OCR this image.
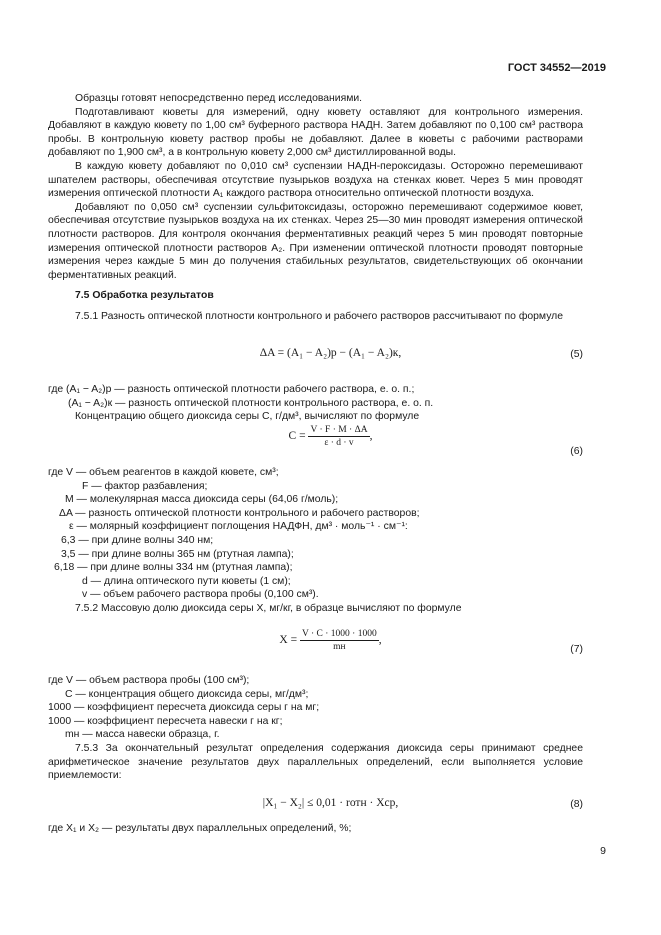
ГОСТ 34552—2019

Образцы готовят непосредственно перед исследованиями.

Подготавливают кюветы для измерений, одну кювету оставляют для контрольного измерения. Добавляют в каждую кювету по 1,00 см³ буферного раствора НАДН. Затем добавляют по 0,100 см³ раствора пробы. В контрольную кювету раствор пробы не добавляют. Далее в кюветы с рабочими растворами добавляют по 1,900 см³, а в контрольную кювету 2,000 см³ дистиллированной воды.

В каждую кювету добавляют по 0,010 см³ суспензии НАДН-пероксидазы. Осторожно перемешивают шпателем растворы, обеспечивая отсутствие пузырьков воздуха на стенках кювет. Через 5 мин проводят измерения оптической плотности A₁ каждого раствора относительно оптической плотности воздуха.

Добавляют по 0,050 см³ суспензии сульфитоксидазы, осторожно перемешивают содержимое кювет, обеспечивая отсутствие пузырьков воздуха на их стенках. Через 25—30 мин проводят измерения оптической плотности растворов. Для контроля окончания ферментативных реакций через 5 мин проводят повторные измерения оптической плотности растворов A₂. При изменении оптической плотности проводят повторные измерения через каждые 5 мин до получения стабильных результатов, свидетельствующих об окончании ферментативных реакций.

7.5 Обработка результатов

7.5.1 Разность оптической плотности контрольного и рабочего растворов рассчитывают по формуле

ΔA = (A₁ − A₂)р − (A₁ − A₂)к,	(5)

где (A₁ − A₂)р — разность оптической плотности рабочего раствора, е. о. п.;

(A₁ − A₂)к — разность оптической плотности контрольного раствора, е. о. п.

Концентрацию общего диоксида серы C, г/дм³, вычисляют по формуле

$C = \frac{V \cdot F \cdot M \cdot \Delta A}{\varepsilon \cdot d \cdot v}$ ,
(6)

где V — объем реагентов в каждой кювете, см³;

F — фактор разбавления;

M — молекулярная масса диоксида серы (64,06 г/моль);

ΔA — разность оптической плотности контрольного и рабочего растворов;

ε — молярный коэффициент поглощения НАДФН, дм³ · моль⁻¹ · см⁻¹:

6,3 — при длине волны 340 нм;

3,5 — при длине волны 365 нм (ртутная лампа);

6,18 — при длине волны 334 нм (ртутная лампа);

d — длина оптического пути кюветы (1 см);

v — объем рабочего раствора пробы (0,100 см³).

7.5.2 Массовую долю диоксида серы X, мг/кг, в образце вычисляют по формуле

$X = \frac{V \cdot C \cdot 1000 \cdot 1000}{mн}$ ,
(7)

где V — объем раствора пробы (100 см³);

C — концентрация общего диоксида серы, мг/дм³;

1000 — коэффициент пересчета диоксида серы г на мг;

1000 — коэффициент пересчета навески г на кг;

mн — масса навески образца, г.

7.5.3 За окончательный результат определения содержания диоксида серы принимают среднее арифметическое значение результатов двух параллельных определений, если выполняется условие приемлемости:

|X₁ − X₂| ≤ 0,01 · rотн · Xср,	(8)

где X₁ и X₂ — результаты двух параллельных определений, %;

9
